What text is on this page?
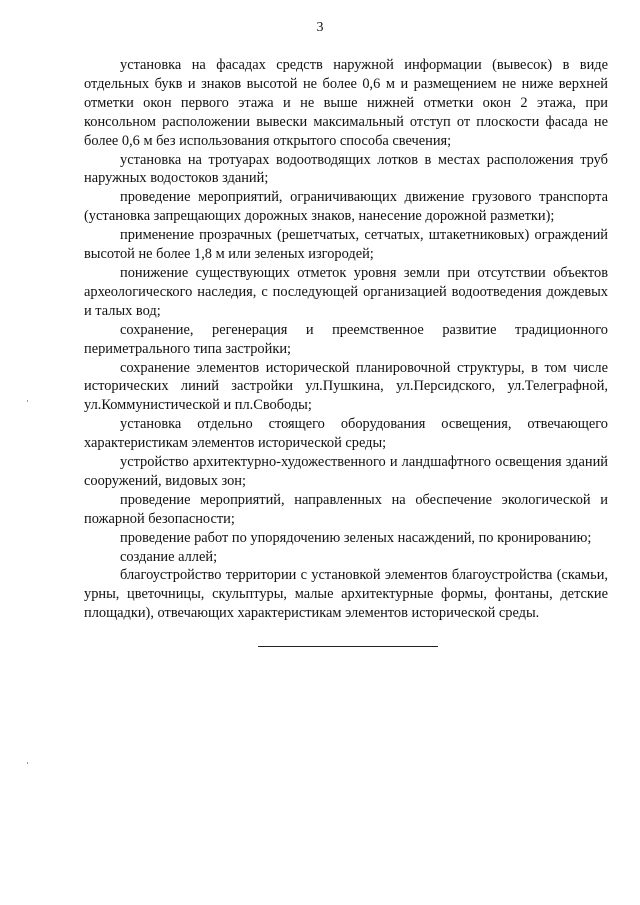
3

установка на фасадах средств наружной информации (вывесок) в виде отдельных букв и знаков высотой не более 0,6 м и размещением не ниже верхней отметки окон первого этажа и не выше нижней отметки окон 2 этажа, при консольном расположении вывески максимальный отступ от плоскости фасада не более 0,6 м без использования открытого способа свечения;

установка на тротуарах водоотводящих лотков в местах расположения труб наружных водостоков зданий;

проведение мероприятий, ограничивающих движение грузового транспорта (установка запрещающих дорожных знаков, нанесение дорожной разметки);

применение прозрачных (решетчатых, сетчатых, штакетниковых) ограждений высотой не более 1,8 м или зеленых изгородей;

понижение существующих отметок уровня земли при отсутствии объектов археологического наследия, с последующей организацией водоотведения дождевых и талых вод;

сохранение, регенерация и преемственное развитие традиционного периметрального типа застройки;

сохранение элементов исторической планировочной структуры, в том числе исторических линий застройки ул.Пушкина, ул.Персидского, ул.Телеграфной, ул.Коммунистической и пл.Свободы;

установка отдельно стоящего оборудования освещения, отвечающего характеристикам элементов исторической среды;

устройство архитектурно-художественного и ландшафтного освещения зданий сооружений, видовых зон;

проведение мероприятий, направленных на обеспечение экологической и пожарной безопасности;

проведение работ по упорядочению зеленых насаждений, по кронированию;

создание аллей;

благоустройство территории с установкой элементов благоустройства (скамьи, урны, цветочницы, скульптуры, малые архитектурные формы, фонтаны, детские площадки), отвечающих характеристикам элементов исторической среды.
